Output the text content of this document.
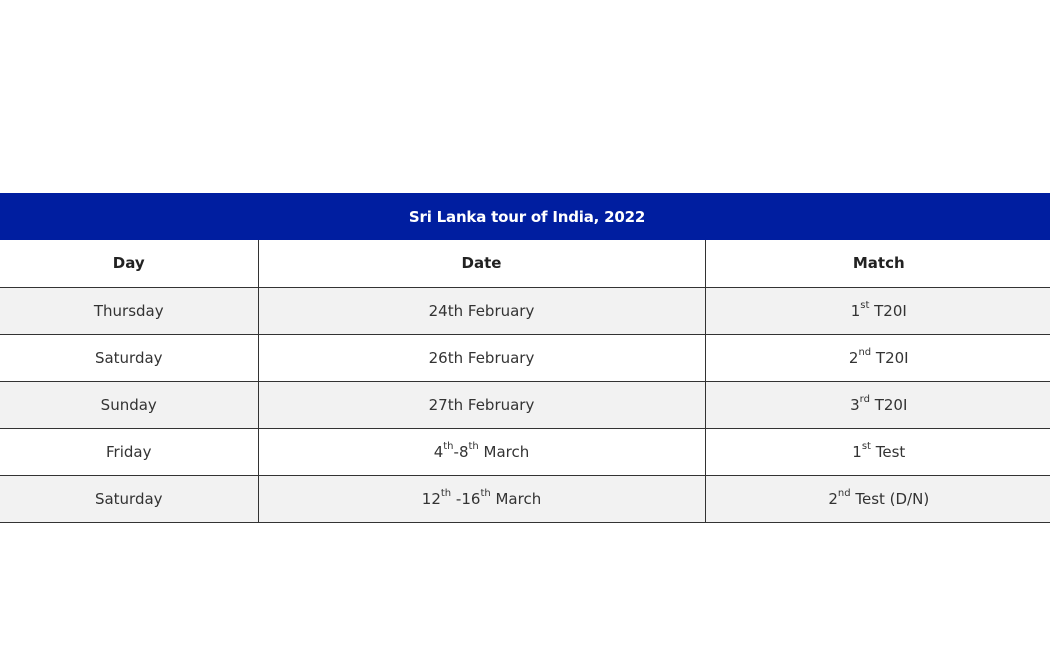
Sri Lanka tour of India, 2022		
Day	Date	Match
Thursday	24th February	1st T20I
Saturday	26th February	2nd T20I
Sunday	27th February	3rd T20I
Friday	4th-8th March	1st Test
Saturday	12th -16th March	2nd Test (D/N)
